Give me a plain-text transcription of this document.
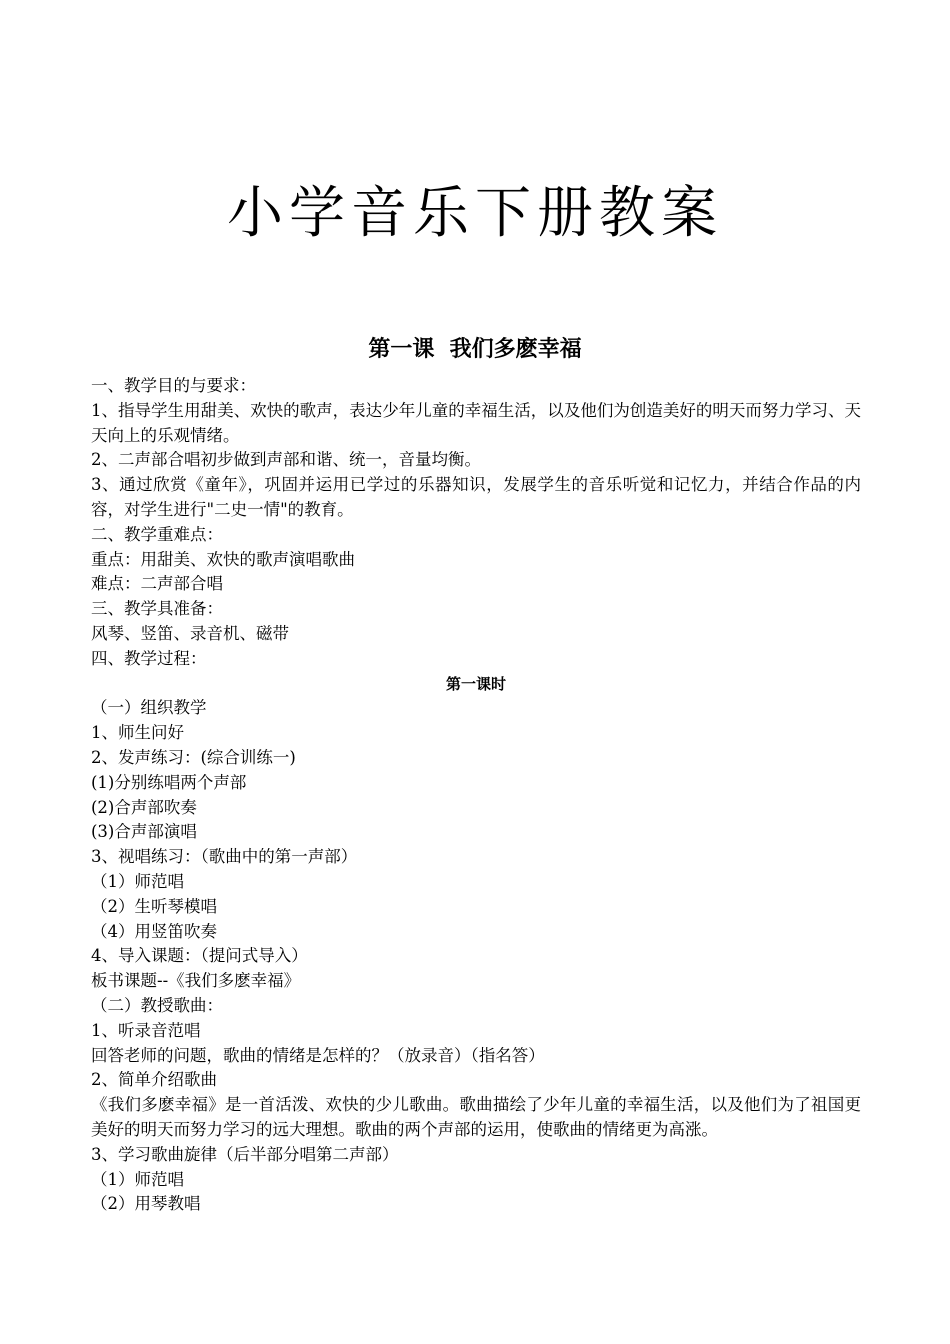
小学音乐下册教案
第一课  我们多麽幸福
一、教学目的与要求：
1、指导学生用甜美、欢快的歌声，表达少年儿童的幸福生活，以及他们为创造美好的明天而努力学习、天天向上的乐观情绪。
2、二声部合唱初步做到声部和谐、统一，音量均衡。
3、通过欣赏《童年》，巩固并运用已学过的乐器知识，发展学生的音乐听觉和记忆力，并结合作品的内容，对学生进行"二史一情"的教育。
二、教学重难点：
重点：用甜美、欢快的歌声演唱歌曲
难点：二声部合唱
三、教学具准备：
风琴、竖笛、录音机、磁带
四、教学过程：
第一课时
（一）组织教学
1、师生问好
2、发声练习：(综合训练一)
(1)分别练唱两个声部
(2)合声部吹奏
(3)合声部演唱
3、视唱练习：（歌曲中的第一声部）
（1）师范唱
（2）生听琴模唱
（4）用竖笛吹奏
4、导入课题：（提问式导入）
板书课题--《我们多麽幸福》
（二）教授歌曲：
1、听录音范唱
回答老师的问题，歌曲的情绪是怎样的？（放录音）（指名答）
2、简单介绍歌曲
《我们多麽幸福》是一首活泼、欢快的少儿歌曲。歌曲描绘了少年儿童的幸福生活，以及他们为了祖国更美好的明天而努力学习的远大理想。歌曲的两个声部的运用，使歌曲的情绪更为高涨。
3、学习歌曲旋律（后半部分唱第二声部）
（1）师范唱
（2）用琴教唱
